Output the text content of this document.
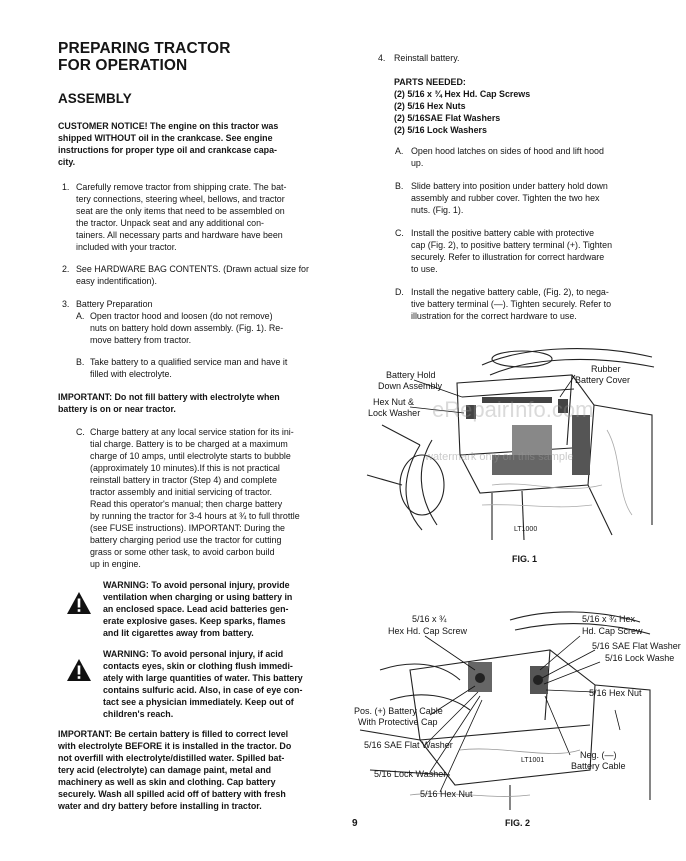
PREPARING TRACTOR
FOR OPERATION
ASSEMBLY
CUSTOMER NOTICE! The engine on this tractor was
shipped WITHOUT oil in the crankcase. See engine
instructions for proper type oil and crankcase capa-
city.
1. Carefully remove tractor from shipping crate. The bat-
tery connections, steering wheel, bellows, and tractor
seat are the only items that need to be assembled on
the tractor. Unpack seat and any additional con-
tainers. All necessary parts and hardware have been
included with your tractor.
2. See HARDWARE BAG CONTENTS. (Drawn actual size for
easy indentification).
3. Battery Preparation
A. Open tractor hood and loosen (do not remove)
nuts on battery hold down assembly. (Fig. 1). Re-
move battery from tractor.
B. Take battery to a qualified service man and have it
filled with electrolyte.
IMPORTANT: Do not fill battery with electrolyte when
battery is on or near tractor.
C. Charge battery at any local service station for its ini-
tial charge. Battery is to be charged at a maximum
charge of 10 amps, until electrolyte starts to bubble
(approximately 10 minutes).If this is not practical
reinstall battery in tractor (Step 4) and complete
tractor assembly and initial servicing of tractor.
Read this operator's manual; then charge battery
by running the tractor for 3-4 hours at ¾ to full throttle
(see FUSE instructions). IMPORTANT: During the
battery charging period use the tractor for cutting
grass or some other task, to avoid carbon build
up in engine.
WARNING: To avoid personal injury, provide
ventilation when charging or using battery in
an enclosed space. Lead acid batteries gen-
erate explosive gases. Keep sparks, flames
and lit cigarettes away from battery.
WARNING: To avoid personal injury, if acid
contacts eyes, skin or clothing flush immedi-
ately with large quantities of water. This battery
contains sulfuric acid. Also, in case of eye con-
tact see a physician immediately. Keep out of
children's reach.
IMPORTANT: Be certain battery is filled to correct level
with electrolyte BEFORE it is installed in the tractor. Do
not overfill with electrolyte/distilled water. Spilled bat-
tery acid (electrolyte) can damage paint, metal and
machinery as well as skin and clothing. Cap battery
securely. Wash all spilled acid off of battery with fresh
water and dry battery before installing in tractor.
9
4. Reinstall battery.
PARTS NEEDED:
(2) 5/16 x ¾ Hex Hd. Cap Screws
(2) 5/16 Hex Nuts
(2) 5/16SAE Flat Washers
(2) 5/16 Lock Washers
A. Open hood latches on sides of hood and lift hood
up.
B. Slide battery into position under battery hold down
assembly and rubber cover. Tighten the two hex
nuts. (Fig. 1).
C. Install the positive battery cable with protective
cap (Fig. 2), to positive battery terminal (+). Tighten
securely. Refer to illustration for correct hardware
to use.
D. Install the negative battery cable, (Fig. 2), to nega-
tive battery terminal (—). Tighten securely. Refer to
illustration for the correct hardware to use.
Battery Hold
Down Assembly
Hex Nut &
Lock Washer
Rubber
Battery Cover
LT1000
FIG. 1
eRepairInfo.com
watermark only on this sample
5/16 x ¾
Hex Hd. Cap Screw
5/16 x ¾ Hex
Hd. Cap Screw
5/16 SAE Flat Washer
5/16 Lock Washe
5/16 Hex Nut
Pos. (+) Battery Cable
With Protective Cap
5/16 SAE Flat Washer
5/16 Lock Washer
5/16 Hex Nut
Neg. (—)
Battery Cable
LT1001
FIG. 2
